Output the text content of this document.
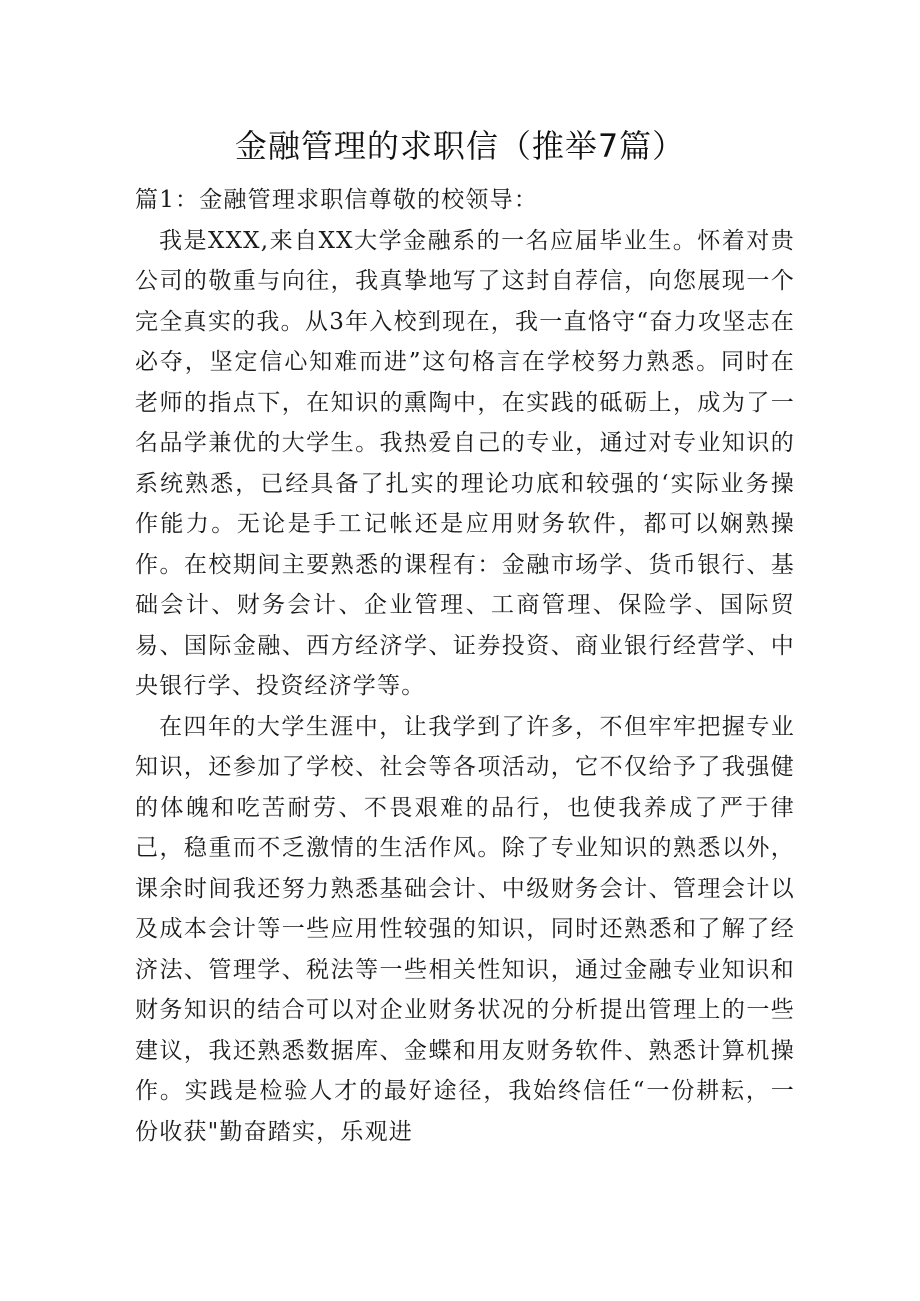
金融管理的求职信（推举7篇）

篇1：金融管理求职信尊敬的校领导：

我是XXX,来自XX大学金融系的一名应届毕业生。怀着对贵公司的敬重与向往，我真挚地写了这封自荐信，向您展现一个完全真实的我。从3年入校到现在，我一直恪守“奋力攻坚志在必夺，坚定信心知难而进”这句格言在学校努力熟悉。同时在老师的指点下，在知识的熏陶中，在实践的砥砺上，成为了一名品学兼优的大学生。我热爱自己的专业，通过对专业知识的系统熟悉，已经具备了扎实的理论功底和较强的‘实际业务操作能力。无论是手工记帐还是应用财务软件，都可以娴熟操作。在校期间主要熟悉的课程有：金融市场学、货币银行、基础会计、财务会计、企业管理、工商管理、保险学、国际贸易、国际金融、西方经济学、证券投资、商业银行经营学、中央银行学、投资经济学等。

在四年的大学生涯中，让我学到了许多，不但牢牢把握专业知识，还参加了学校、社会等各项活动，它不仅给予了我强健的体魄和吃苦耐劳、不畏艰难的品行，也使我养成了严于律己，稳重而不乏激情的生活作风。除了专业知识的熟悉以外，课余时间我还努力熟悉基础会计、中级财务会计、管理会计以及成本会计等一些应用性较强的知识，同时还熟悉和了解了经济法、管理学、税法等一些相关性知识，通过金融专业知识和财务知识的结合可以对企业财务状况的分析提出管理上的一些建议，我还熟悉数据库、金蝶和用友财务软件、熟悉计算机操作。实践是检验人才的最好途径，我始终信任“一份耕耘，一份收获"勤奋踏实，乐观进
